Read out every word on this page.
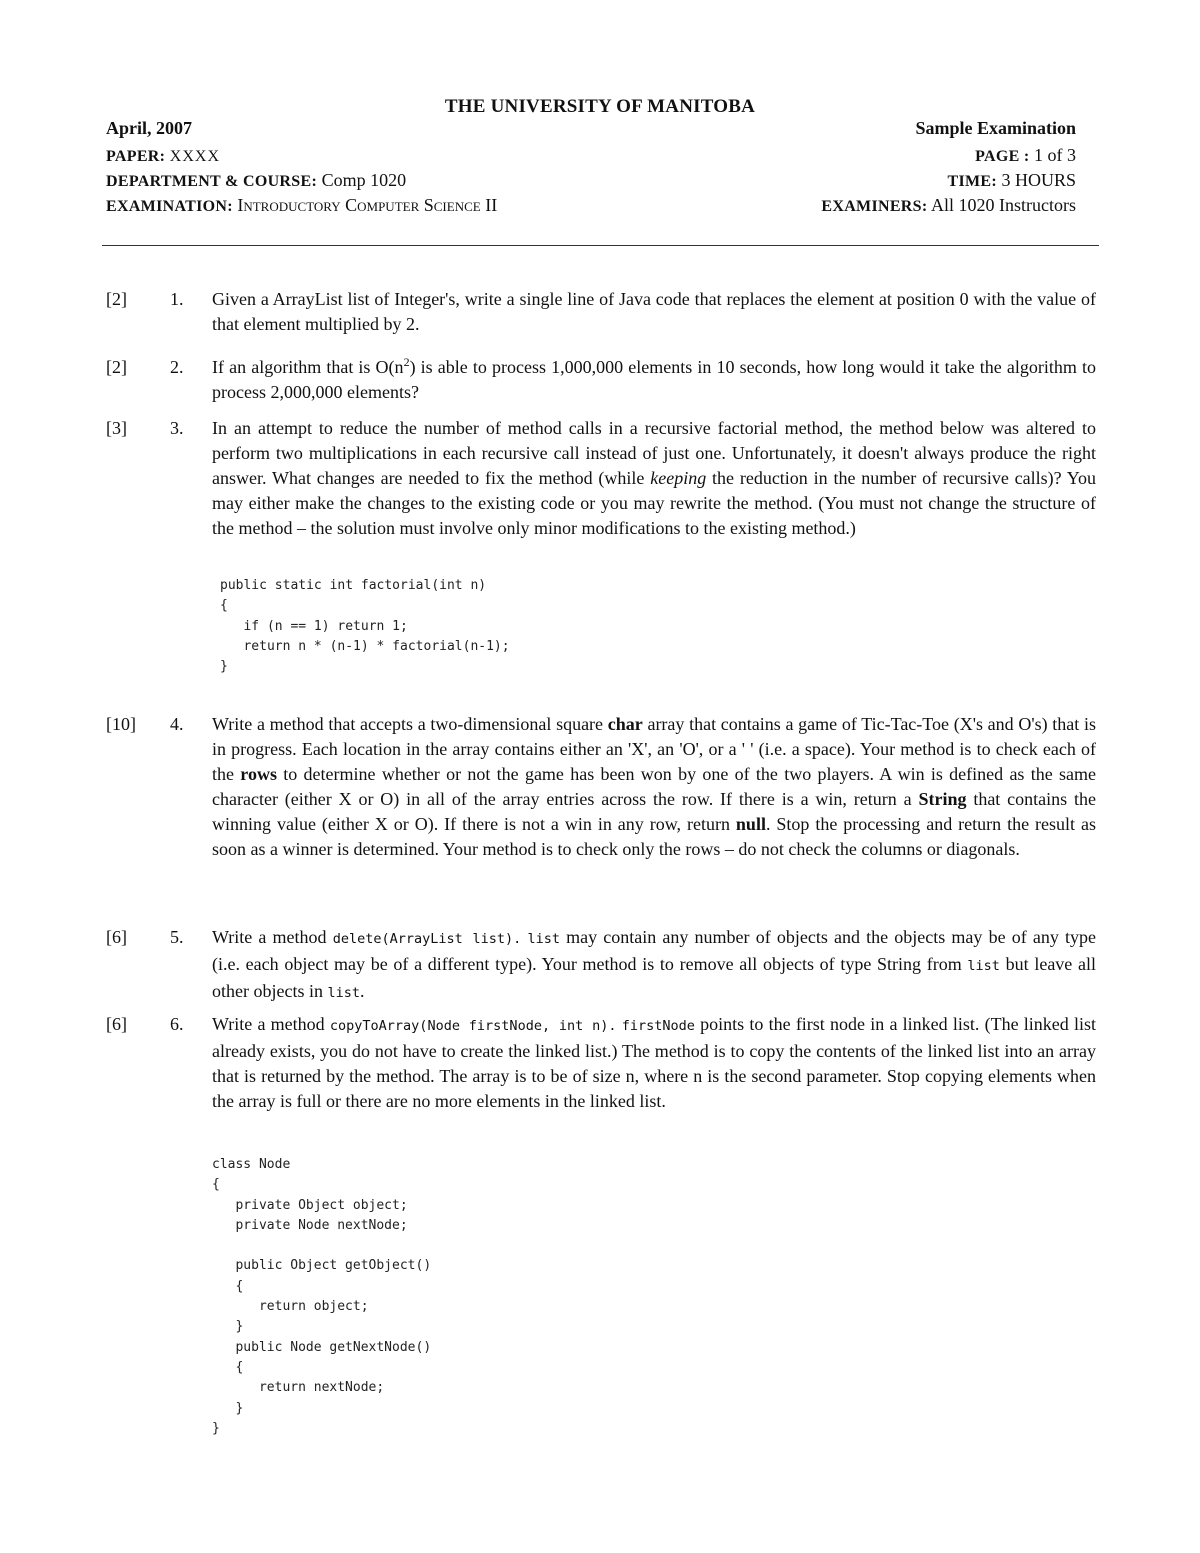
THE UNIVERSITY OF MANITOBA
April, 2007	Sample Examination
PAPER: XXXX	PAGE : 1 of 3
DEPARTMENT & COURSE: Comp 1020	TIME: 3 HOURS
EXAMINATION: Introductory Computer Science II	EXAMINERS: All 1020 Instructors
[2] 1. Given a ArrayList list of Integer's, write a single line of Java code that replaces the element at position 0 with the value of that element multiplied by 2.
[2] 2. If an algorithm that is $O(n^2)$ is able to process 1,000,000 elements in 10 seconds, how long would it take the algorithm to process 2,000,000 elements?
[3] 3. In an attempt to reduce the number of method calls in a recursive factorial method, the method below was altered to perform two multiplications in each recursive call instead of just one. Unfortunately, it doesn't always produce the right answer. What changes are needed to fix the method (while keeping the reduction in the number of recursive calls)? You may either make the changes to the existing code or you may rewrite the method. (You must not change the structure of the method – the solution must involve only minor modifications to the existing method.)
public static int factorial(int n)
{
if (n == 1) return 1;
return n * (n-1) * factorial(n-1);
}
[10] 4. Write a method that accepts a two-dimensional square char array that contains a game of Tic-Tac-Toe (X's and O's) that is in progress. Each location in the array contains either an 'X', an 'O', or a ' ' (i.e. a space). Your method is to check each of the rows to determine whether or not the game has been won by one of the two players. A win is defined as the same character (either X or O) in all of the array entries across the row. If there is a win, return a String that contains the winning value (either X or O). If there is not a win in any row, return null. Stop the processing and return the result as soon as a winner is determined. Your method is to check only the rows – do not check the columns or diagonals.
[6] 5. Write a method delete(ArrayList list). list may contain any number of objects and the objects may be of any type (i.e. each object may be of a different type). Your method is to remove all objects of type String from list but leave all other objects in list.
[6] 6. Write a method copyToArray(Node firstNode, int n). firstNode points to the first node in a linked list. (The linked list already exists, you do not have to create the linked list.) The method is to copy the contents of the linked list into an array that is returned by the method. The array is to be of size n, where n is the second parameter. Stop copying elements when the array is full or there are no more elements in the linked list.
class Node
{
private Object object;
private Node nextNode;

public Object getObject()
{
return object;
}
public Node getNextNode()
{
return nextNode;
}
}
